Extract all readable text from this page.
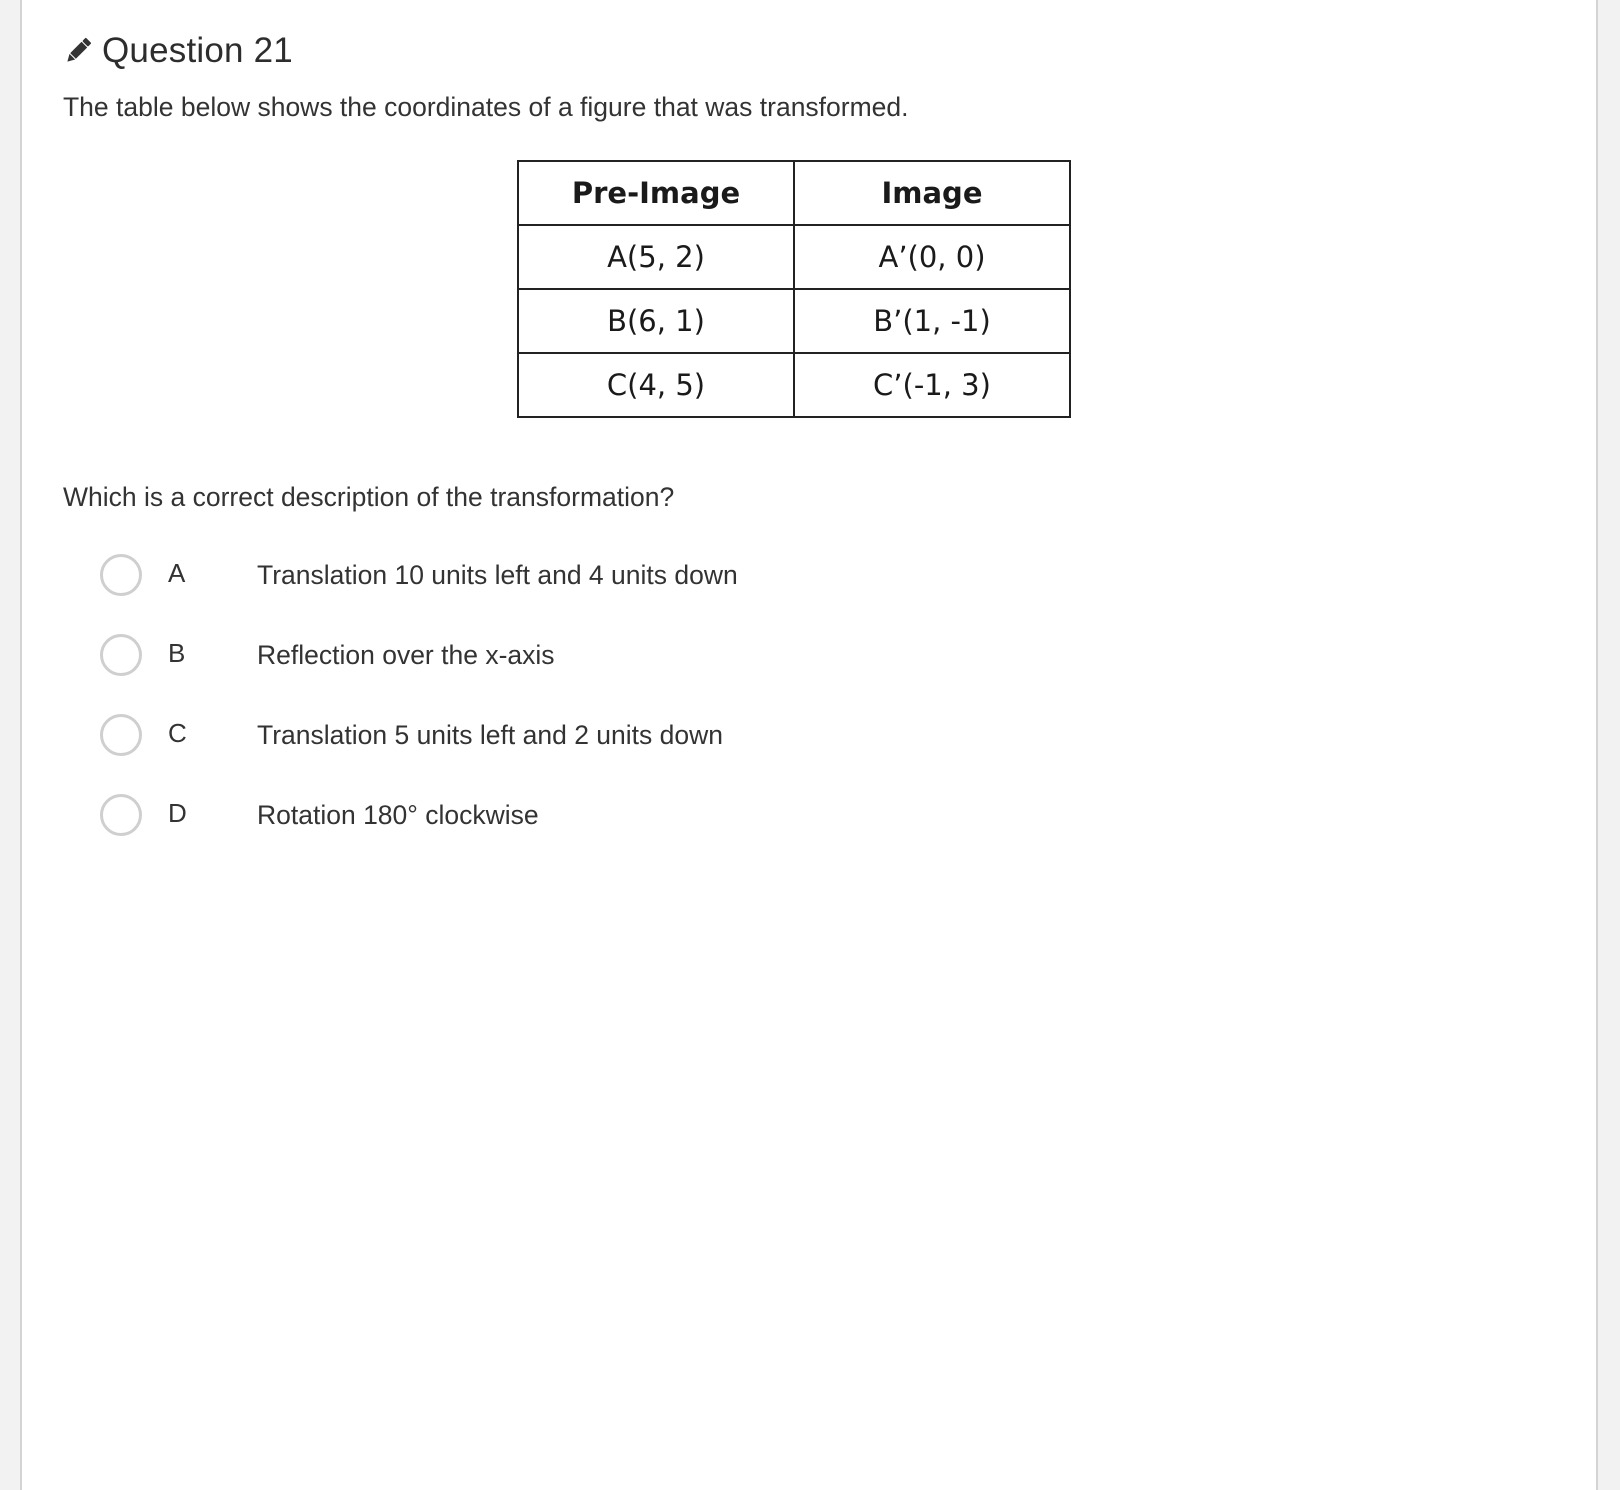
Question 21
The table below shows the coordinates of a figure that was transformed.
Pre-Image	Image
A(5, 2)	A’(0, 0)
B(6, 1)	B’(1, -1)
C(4, 5)	C’(-1, 3)
Which is a correct description of the transformation?
A	Translation 10 units left and 4 units down
B	Reflection over the x-axis
C	Translation 5 units left and 2 units down
D	Rotation 180° clockwise
